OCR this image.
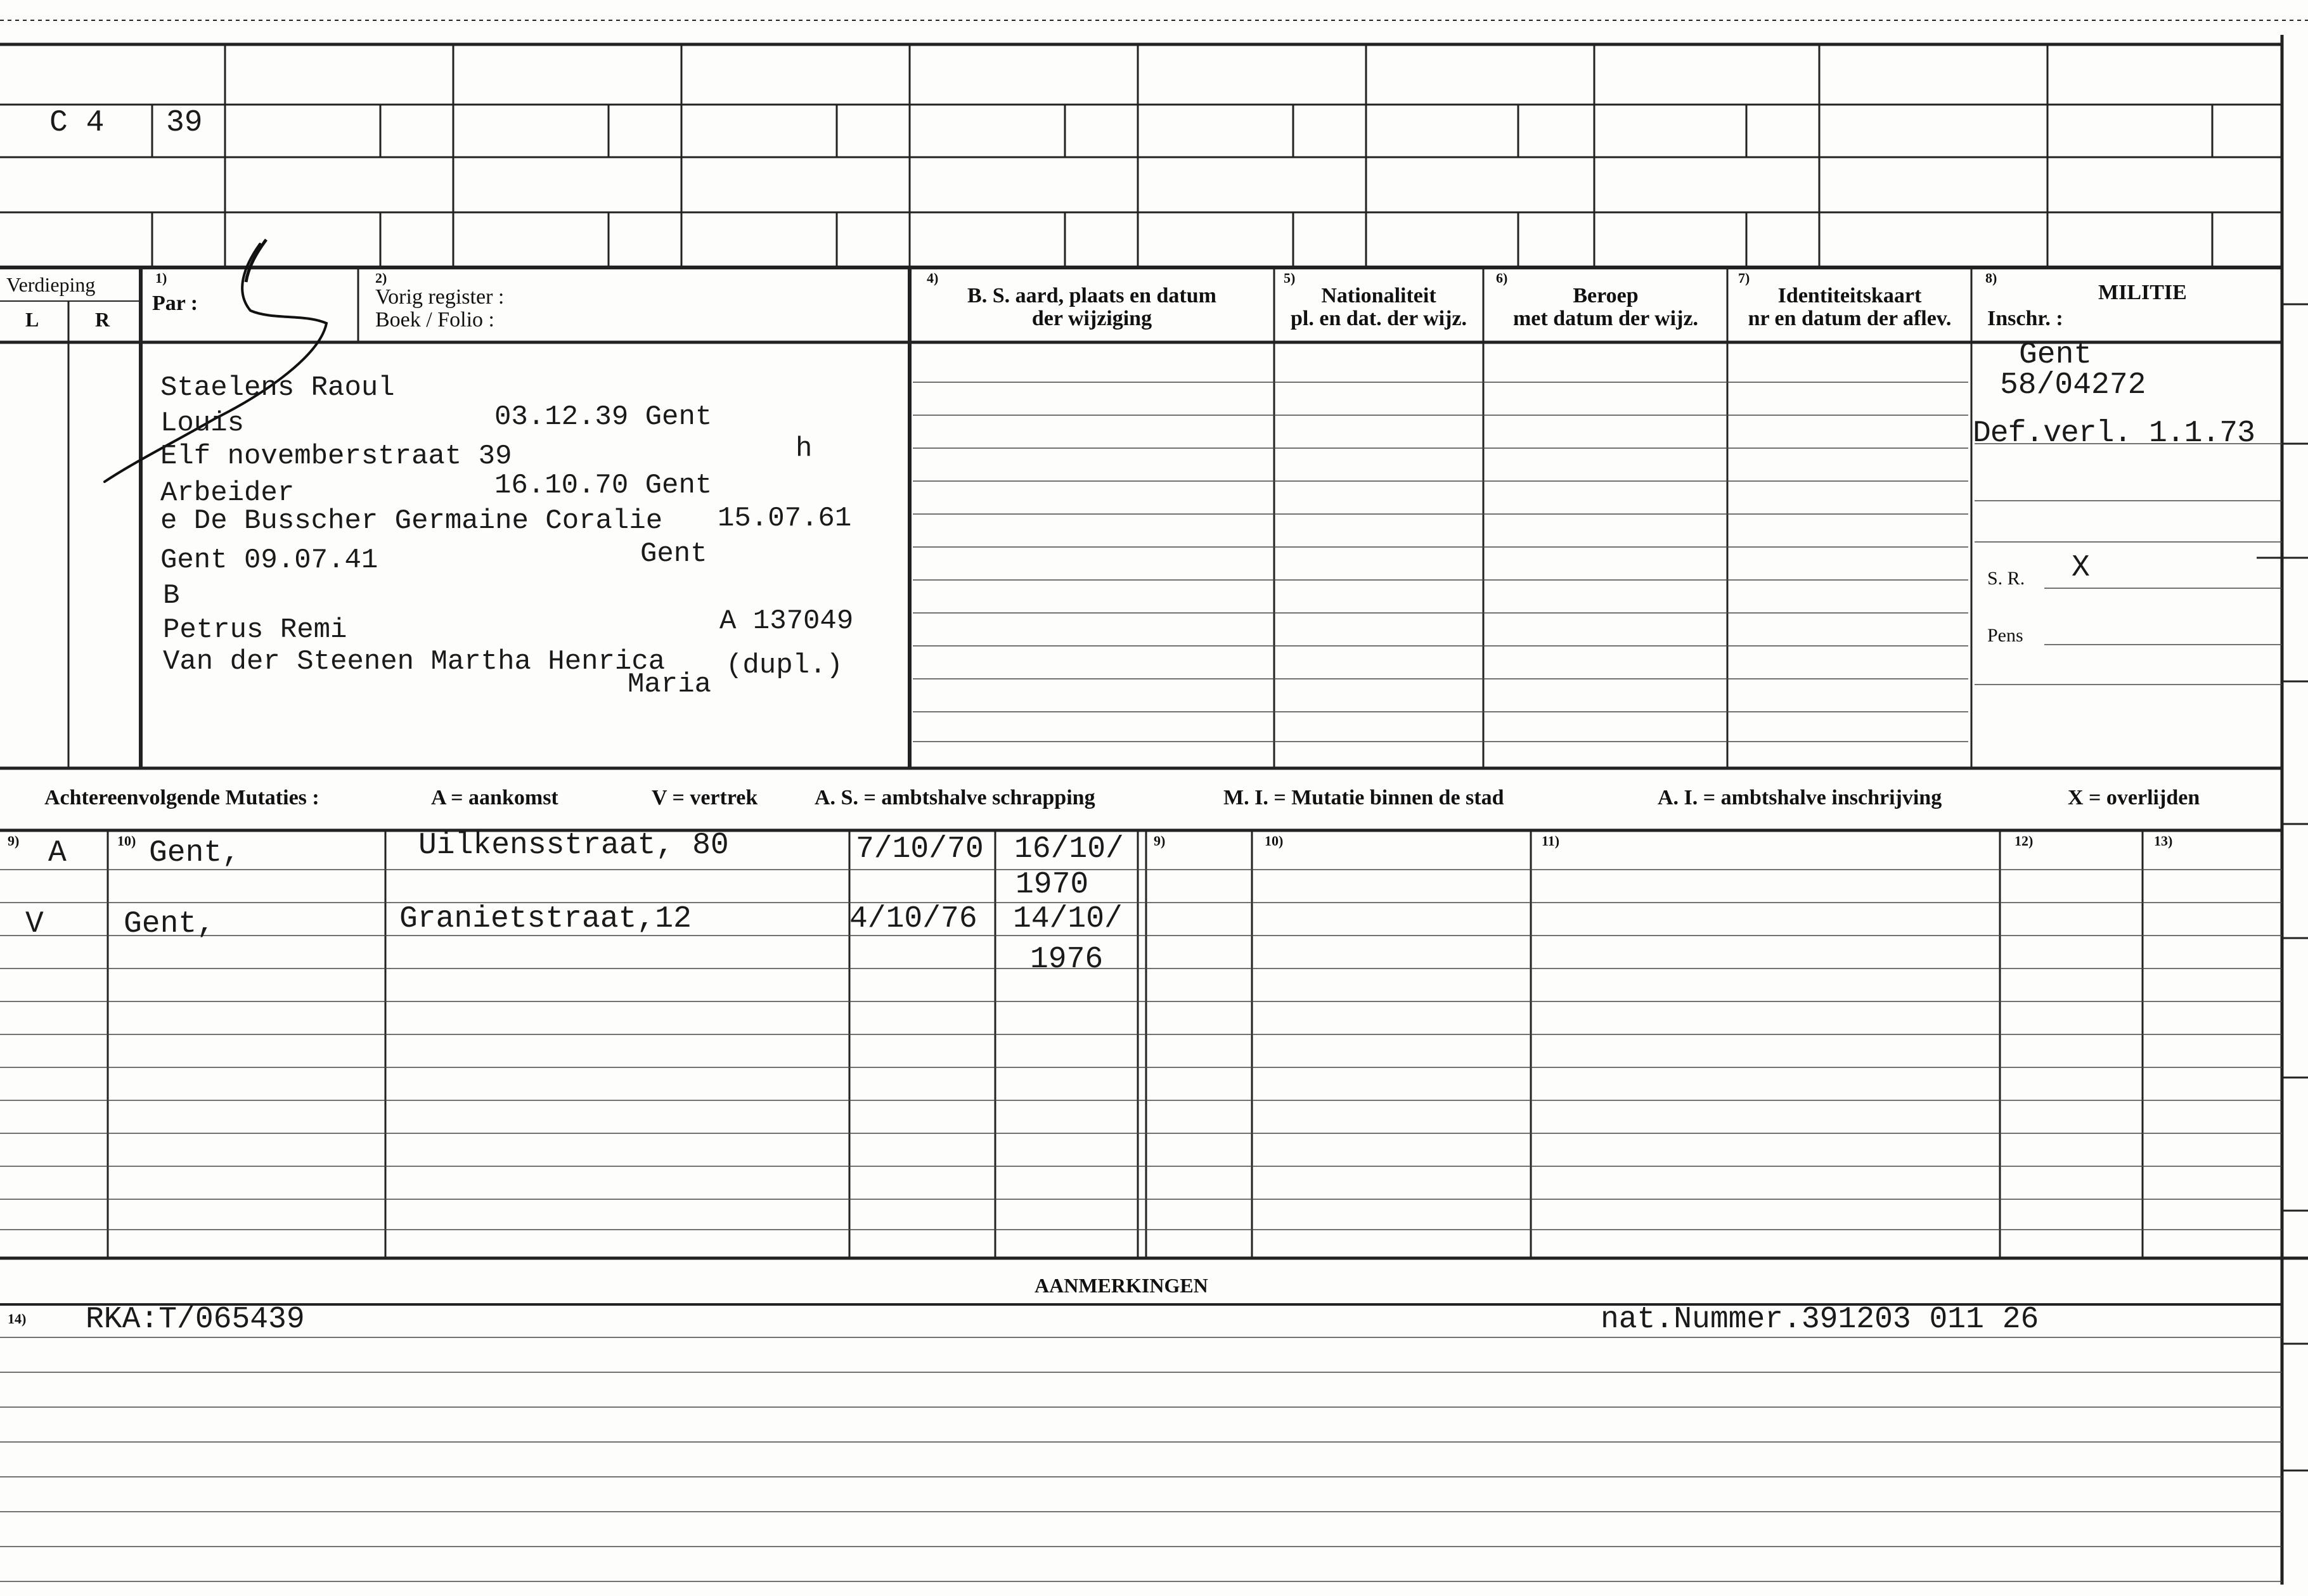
C 4 39
Verdieping
L	R
1)
Par :
2)
Vorig register :
Boek / Folio :
4)
B. S. aard, plaats en datum
der wijziging
5)
Nationaliteit
pl. en dat. der wijz.
6)
Beroep
met datum der wijz.
7)
Identiteitskaart
nr en datum der aflev.
8)
MILITIE
Inschr. :
Staelens Raoul
Louis	03.12.39 Gent
Elf novemberstraat 39	h
Arbeider	16.10.70 Gent
e De Busscher Germaine Coralie 15.07.61
Gent 09.07.41	Gent
B
Petrus Remi	A 137049
Van der Steenen Martha Henrica
Maria
(dupl.)
Gent
58/04272
Def.verl. 1.1.73
S. R. X
Pens
Achtereenvolgende Mutaties :	A = aankomst	V = vertrek	A. S. = ambtshalve schrapping	M. I. = Mutatie binnen de stad	A. I. = ambtshalve inschrijving	X = overlijden
9)	10)	11)	12)	13)
9)	10)
A	Gent,	Uilkensstraat, 80	7/10/70 16/10/
1970
V	Gent,	Granietstraat,12	4/10/76 14/10/
1976
AANMERKINGEN
14) RKA:T/065439	nat.Nummer.391203 011 26
